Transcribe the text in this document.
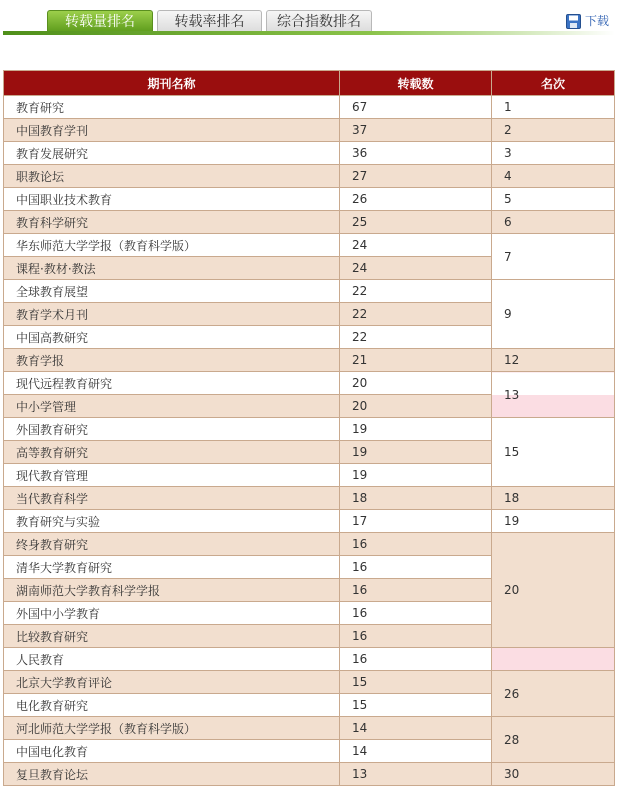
转载量排名	转载率排名	综合指数排名	下载
期刊名称	转载数	名次
教育研究	67	1
中国教育学刊	37	2
教育发展研究	36	3
职教论坛	27	4
中国职业技术教育	26	5
教育科学研究	25	6
华东师范大学学报（教育科学版）	24	7
课程·教材·教法	24	
全球教育展望	22	9
教育学术月刊	22	
中国高教研究	22	
教育学报	21	12
现代远程教育研究	20	13
中小学管理	20	
外国教育研究	19	15
高等教育研究	19	
现代教育管理	19	
当代教育科学	18	18
教育研究与实验	17	19
终身教育研究	16	20
清华大学教育研究	16	
湖南师范大学教育科学学报	16	
外国中小学教育	16	
比较教育研究	16	
人民教育	16	
北京大学教育评论	15	26
电化教育研究	15	
河北师范大学学报（教育科学版）	14	28
中国电化教育	14	
复旦教育论坛	13	30
